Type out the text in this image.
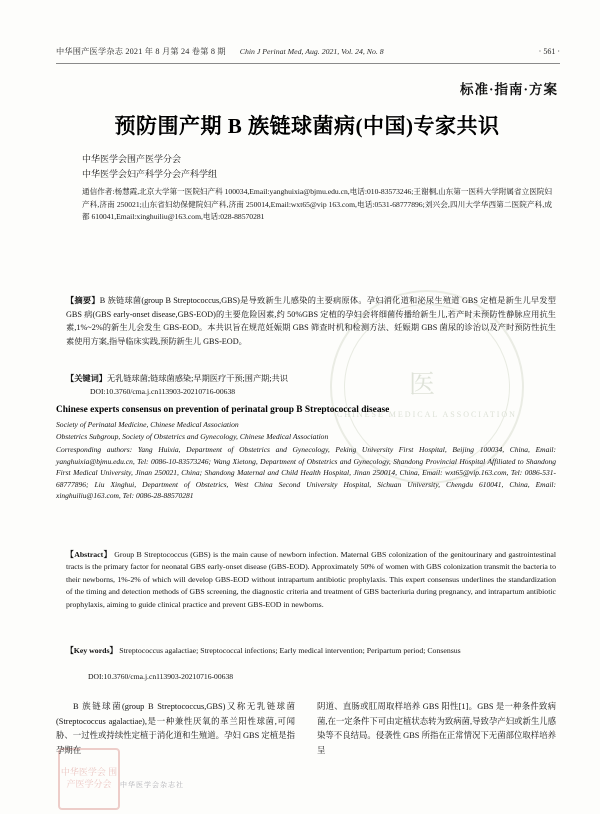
医
CHINESE MEDICAL ASSOCIATION
中华医学会 围产医学分会	中华医学会杂志社
中华围产医学杂志 2021 年 8 月第 24 卷第 8 期 Chin J Perinat Med, Aug. 2021, Vol. 24, No. 8	· 561 ·
标准·指南·方案
预防围产期 B 族链球菌病(中国)专家共识
中华医学会围产医学分会
中华医学会妇产科学分会产科学组
通信作者:杨慧霞,北京大学第一医院妇产科 100034,Email:yanghuixia@bjmu.edu.cn,电话:010-83573246;王谢桐,山东第一医科大学附属省立医院妇产科,济南 250021;山东省妇幼保健院妇产科,济南 250014,Email:wxt65@vip 163.com,电话:0531-68777896;刘兴会,四川大学华西第二医院产科,成都 610041,Email:xinghuiliu@163.com,电话:028-88570281
【摘要】B 族链球菌(group B Streptococcus,GBS)是导致新生儿感染的主要病原体。孕妇消化道和泌尿生殖道 GBS 定植是新生儿早发型 GBS 病(GBS early-onset disease,GBS-EOD)的主要危险因素,约 50%GBS 定植的孕妇会将细菌传播给新生儿,若产时未预防性静脉应用抗生素,1%~2%的新生儿会发生 GBS-EOD。本共识旨在规范妊娠期 GBS 筛查时机和检测方法、妊娠期 GBS 菌尿的诊治以及产时预防性抗生素使用方案,指导临床实践,预防新生儿 GBS-EOD。
【关键词】无乳链球菌;链球菌感染;早期医疗干预;围产期;共识
DOI:10.3760/cma.j.cn113903-20210716-00638
Chinese experts consensus on prevention of perinatal group B Streptococcal disease
Society of Perinatal Medicine, Chinese Medical Association
Obstetrics Subgroup, Society of Obstetrics and Gynecology, Chinese Medical Association
Corresponding authors: Yang Huixia, Department of Obstetrics and Gynecology, Peking University First Hospital, Beijing 100034, China, Email: yanghuixia@bjmu.edu.cn, Tel: 0086-10-83573246; Wang Xietong, Department of Obstetrics and Gynecology, Shandong Provincial Hospital Affiliated to Shandong First Medical University, Jinan 250021, China; Shandong Maternal and Child Health Hospital, Jinan 250014, China, Email: wxt65@vip.163.com, Tel: 0086-531-68777896; Liu Xinghui, Department of Obstetrics, West China Second University Hospital, Sichuan University, Chengdu 610041, China, Email: xinghuiliu@163.com, Tel: 0086-28-88570281
【Abstract】 Group B Streptococcus (GBS) is the main cause of newborn infection. Maternal GBS colonization of the genitourinary and gastrointestinal tracts is the primary factor for neonatal GBS early-onset disease (GBS-EOD). Approximately 50% of women with GBS colonization transmit the bacteria to their newborns, 1%-2% of which will develop GBS-EOD without intrapartum antibiotic prophylaxis. This expert consensus underlines the standardization of the timing and detection methods of GBS screening, the diagnostic criteria and treatment of GBS bacteriuria during pregnancy, and intrapartum antibiotic prophylaxis, aiming to guide clinical practice and prevent GBS-EOD in newborns.
【Key words】 Streptococcus agalactiae; Streptococcal infections; Early medical intervention; Peripartum period; Consensus
DOI:10.3760/cma.j.cn113903-20210716-00638

B 族链球菌(group B Streptococcus,GBS)又称无乳链球菌(Streptococcus agalactiae),是一种兼性厌氧的革兰阳性球菌,可闻胁、一过性或持续性定植于消化道和生殖道。孕妇 GBS 定植是指孕期在

阴道、直肠或肛周取样培养 GBS 阳性[1]。GBS 是一种条件致病菌,在一定条件下可由定植状态转为致病菌,导致孕产妇或新生儿感染等不良结局。侵袭性 GBS 所指在正常情况下无菌部位取样培养呈
